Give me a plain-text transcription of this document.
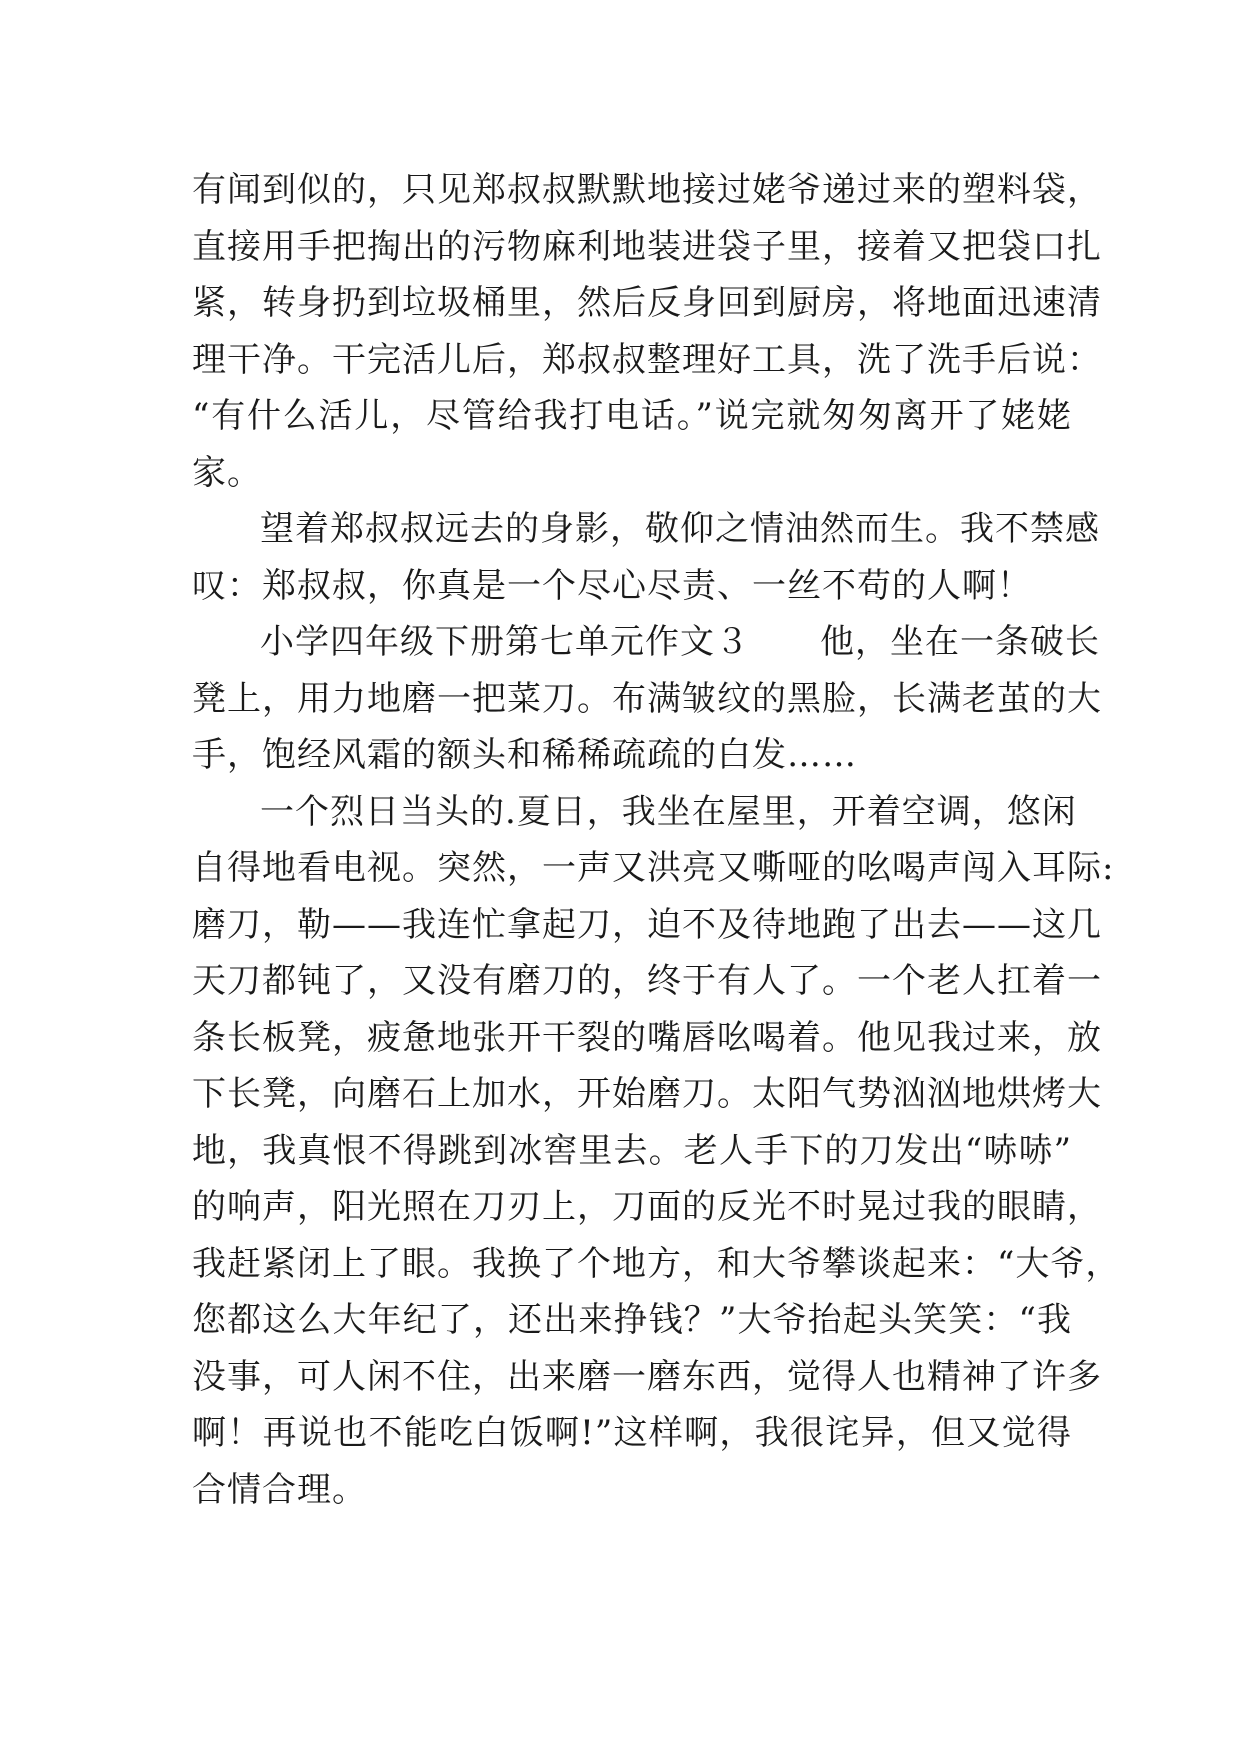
有闻到似的，只见郑叔叔默默地接过姥爷递过来的塑料袋，
直接用手把掏出的污物麻利地装进袋子里，接着又把袋口扎
紧，转身扔到垃圾桶里，然后反身回到厨房，将地面迅速清
理干净。干完活儿后，郑叔叔整理好工具，洗了洗手后说：
“有什么活儿，尽管给我打电话。”说完就匆匆离开了姥姥
家。
望着郑叔叔远去的身影，敬仰之情油然而生。我不禁感
叹：郑叔叔，你真是一个尽心尽责、一丝不苟的人啊！
小学四年级下册第七单元作文３　　他，坐在一条破长
凳上，用力地磨一把菜刀。布满皱纹的黑脸，长满老茧的大
手，饱经风霜的额头和稀稀疏疏的白发……
一个烈日当头的.夏日，我坐在屋里，开着空调，悠闲
自得地看电视。突然，一声又洪亮又嘶哑的吆喝声闯入耳际:
磨刀，勒——我连忙拿起刀，迫不及待地跑了出去——这几
天刀都钝了，又没有磨刀的，终于有人了。一个老人扛着一
条长板凳，疲惫地张开干裂的嘴唇吆喝着。他见我过来，放
下长凳，向磨石上加水，开始磨刀。太阳气势汹汹地烘烤大
地，我真恨不得跳到冰窖里去。老人手下的刀发出“哧哧”
的响声，阳光照在刀刃上，刀面的反光不时晃过我的眼睛，
我赶紧闭上了眼。我换了个地方，和大爷攀谈起来：“大爷，
您都这么大年纪了，还出来挣钱？”大爷抬起头笑笑：“我
没事，可人闲不住，出来磨一磨东西，觉得人也精神了许多
啊！再说也不能吃白饭啊!”这样啊，我很诧异，但又觉得
合情合理。
